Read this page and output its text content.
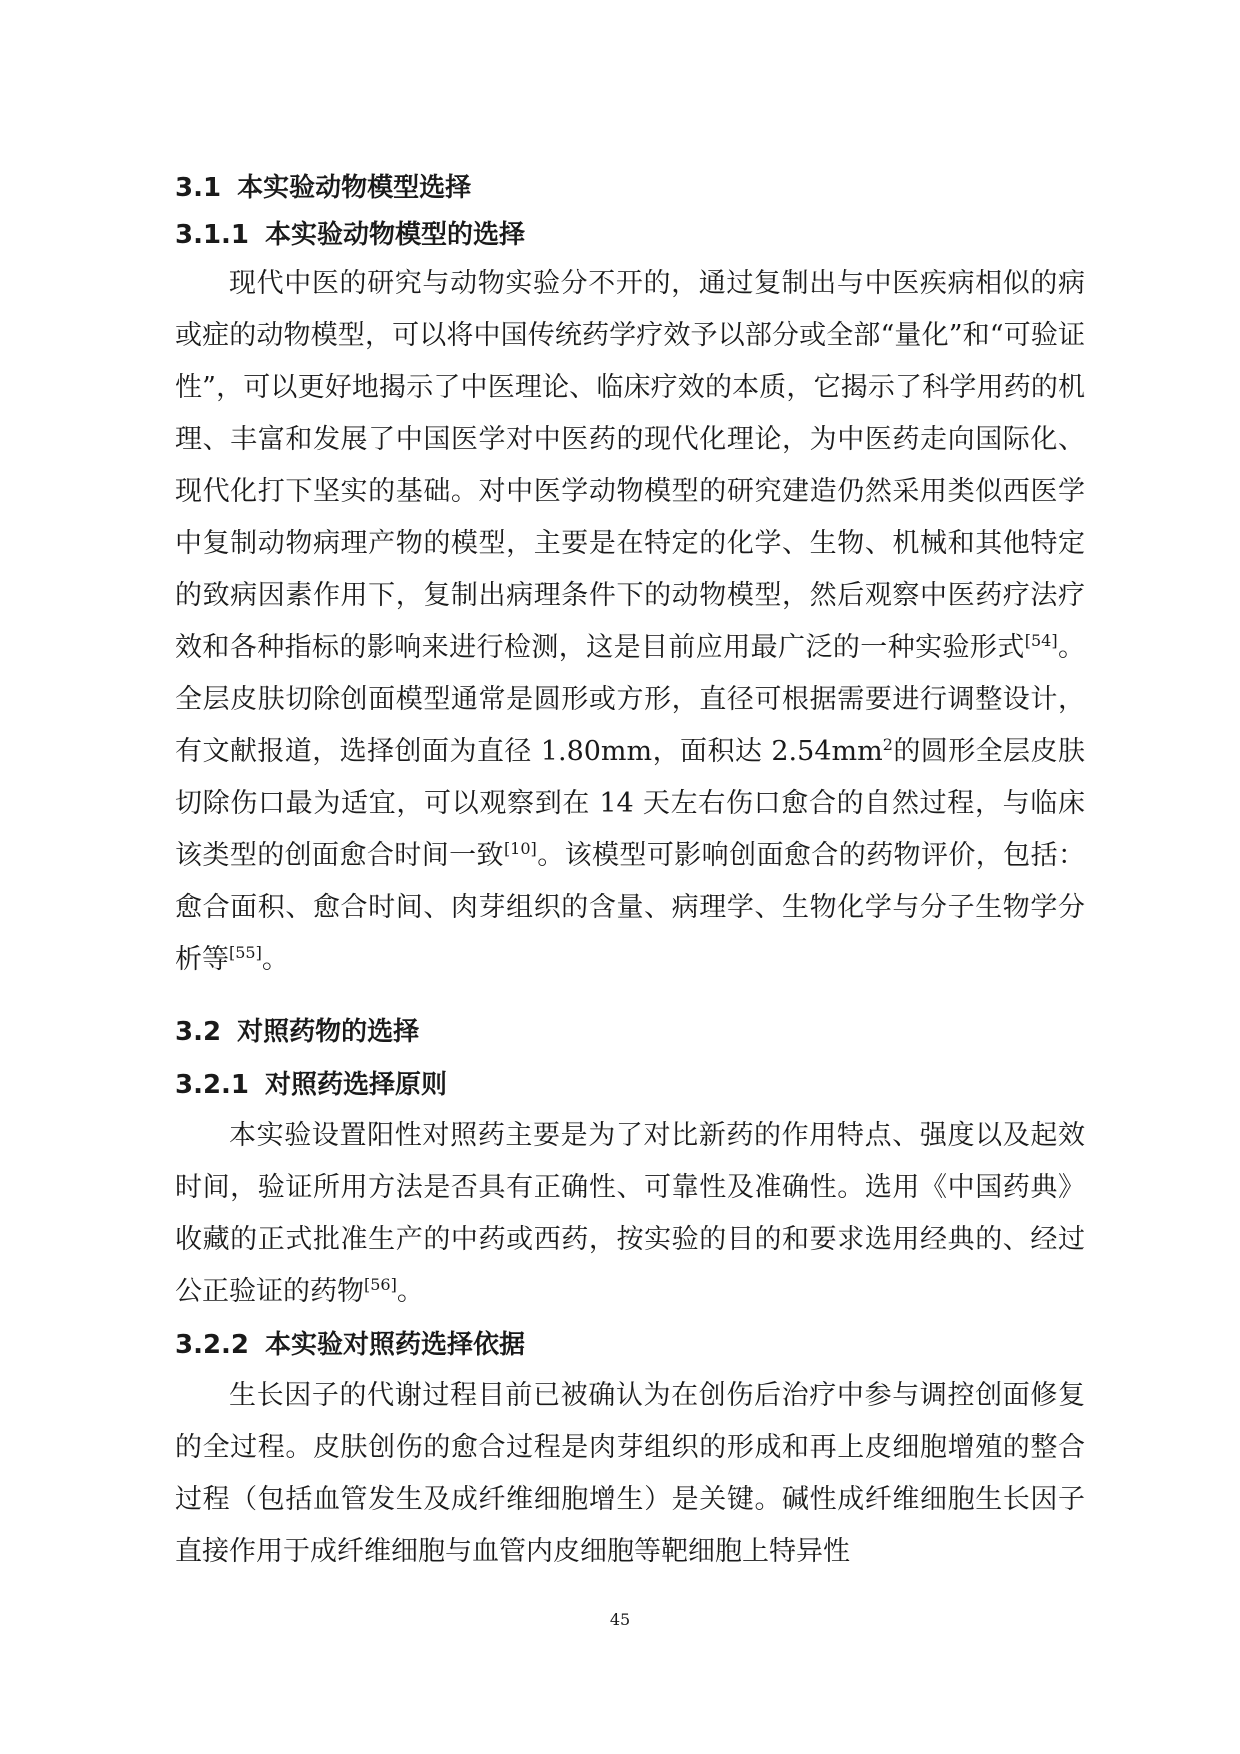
3.1 本实验动物模型选择
3.1.1 本实验动物模型的选择

现代中医的研究与动物实验分不开的，通过复制出与中医疾病相似的病或症的动物模型，可以将中国传统药学疗效予以部分或全部“量化”和“可验证性”，可以更好地揭示了中医理论、临床疗效的本质，它揭示了科学用药的机理、丰富和发展了中国医学对中医药的现代化理论，为中医药走向国际化、现代化打下坚实的基础。对中医学动物模型的研究建造仍然采用类似西医学中复制动物病理产物的模型，主要是在特定的化学、生物、机械和其他特定的致病因素作用下，复制出病理条件下的动物模型，然后观察中医药疗法疗效和各种指标的影响来进行检测，这是目前应用最广泛的一种实验形式[54]。全层皮肤切除创面模型通常是圆形或方形，直径可根据需要进行调整设计，有文献报道，选择创面为直径 1.80mm，面积达 $2.54mm^2$的圆形全层皮肤切除伤口最为适宜，可以观察到在 14 天左右伤口愈合的自然过程，与临床该类型的创面愈合时间一致[10]。该模型可影响创面愈合的药物评价，包括：愈合面积、愈合时间、肉芽组织的含量、病理学、生物化学与分子生物学分析等[55]。

3.2 对照药物的选择
3.2.1 对照药选择原则

本实验设置阳性对照药主要是为了对比新药的作用特点、强度以及起效时间，验证所用方法是否具有正确性、可靠性及准确性。选用《中国药典》收藏的正式批准生产的中药或西药，按实验的目的和要求选用经典的、经过公正验证的药物[56]。

3.2.2 本实验对照药选择依据

生长因子的代谢过程目前已被确认为在创伤后治疗中参与调控创面修复的全过程。皮肤创伤的愈合过程是肉芽组织的形成和再上皮细胞增殖的整合过程（包括血管发生及成纤维细胞增生）是关键。碱性成纤维细胞生长因子直接作用于成纤维细胞与血管内皮细胞等靶细胞上特异性

45
